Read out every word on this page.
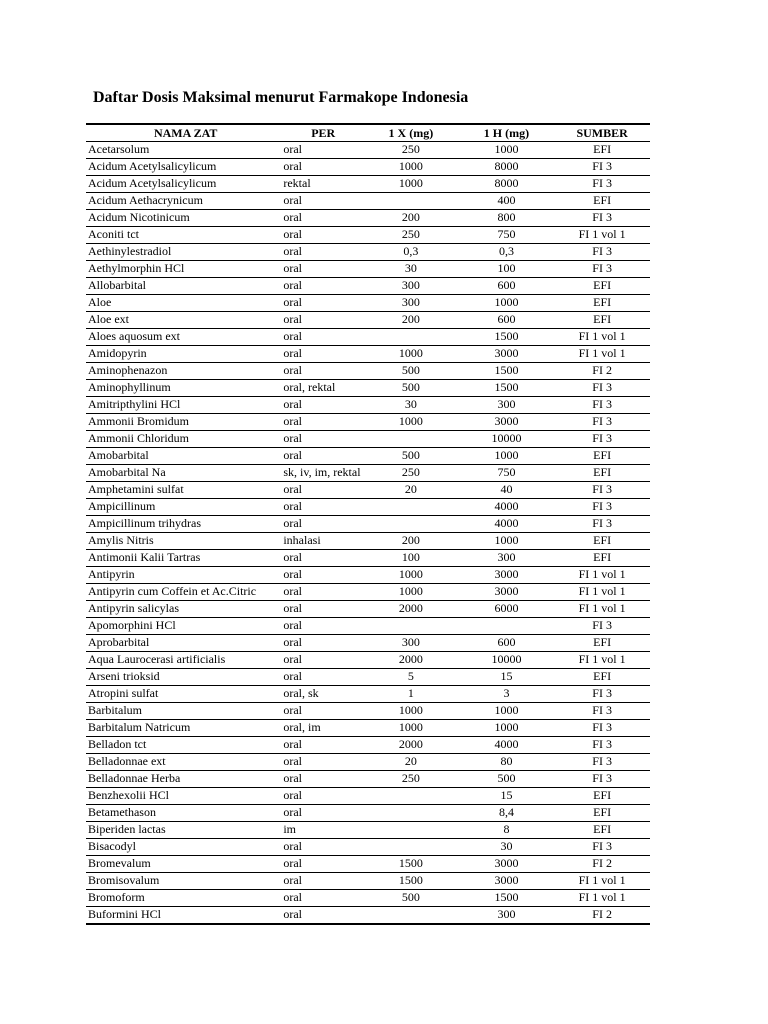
Daftar Dosis Maksimal menurut Farmakope Indonesia
NAMA ZAT	PER	1 X (mg)	1 H (mg)	SUMBER
Acetarsolum	oral	250	1000	EFI
Acidum Acetylsalicylicum	oral	1000	8000	FI 3
Acidum Acetylsalicylicum	rektal	1000	8000	FI 3
Acidum Aethacrynicum	oral		400	EFI
Acidum Nicotinicum	oral	200	800	FI 3
Aconiti tct	oral	250	750	FI 1 vol 1
Aethinylestradiol	oral	0,3	0,3	FI 3
Aethylmorphin HCl	oral	30	100	FI 3
Allobarbital	oral	300	600	EFI
Aloe	oral	300	1000	EFI
Aloe ext	oral	200	600	EFI
Aloes aquosum ext	oral		1500	FI 1 vol 1
Amidopyrin	oral	1000	3000	FI 1 vol 1
Aminophenazon	oral	500	1500	FI 2
Aminophyllinum	oral, rektal	500	1500	FI 3
Amitripthylini HCl	oral	30	300	FI 3
Ammonii Bromidum	oral	1000	3000	FI 3
Ammonii Chloridum	oral		10000	FI 3
Amobarbital	oral	500	1000	EFI
Amobarbital Na	sk, iv, im, rektal	250	750	EFI
Amphetamini sulfat	oral	20	40	FI 3
Ampicillinum	oral		4000	FI 3
Ampicillinum trihydras	oral		4000	FI 3
Amylis Nitris	inhalasi	200	1000	EFI
Antimonii Kalii Tartras	oral	100	300	EFI
Antipyrin	oral	1000	3000	FI 1 vol 1
Antipyrin cum Coffein et Ac.Citric	oral	1000	3000	FI 1 vol 1
Antipyrin salicylas	oral	2000	6000	FI 1 vol 1
Apomorphini HCl	oral			FI 3
Aprobarbital	oral	300	600	EFI
Aqua Laurocerasi artificialis	oral	2000	10000	FI 1 vol 1
Arseni trioksid	oral	5	15	EFI
Atropini sulfat	oral, sk	1	3	FI 3
Barbitalum	oral	1000	1000	FI 3
Barbitalum Natricum	oral, im	1000	1000	FI 3
Belladon tct	oral	2000	4000	FI 3
Belladonnae ext	oral	20	80	FI 3
Belladonnae Herba	oral	250	500	FI 3
Benzhexolii HCl	oral		15	EFI
Betamethason	oral		8,4	EFI
Biperiden lactas	im		8	EFI
Bisacodyl	oral		30	FI 3
Bromevalum	oral	1500	3000	FI 2
Bromisovalum	oral	1500	3000	FI 1 vol 1
Bromoform	oral	500	1500	FI 1 vol 1
Buformini HCl	oral		300	FI 2
